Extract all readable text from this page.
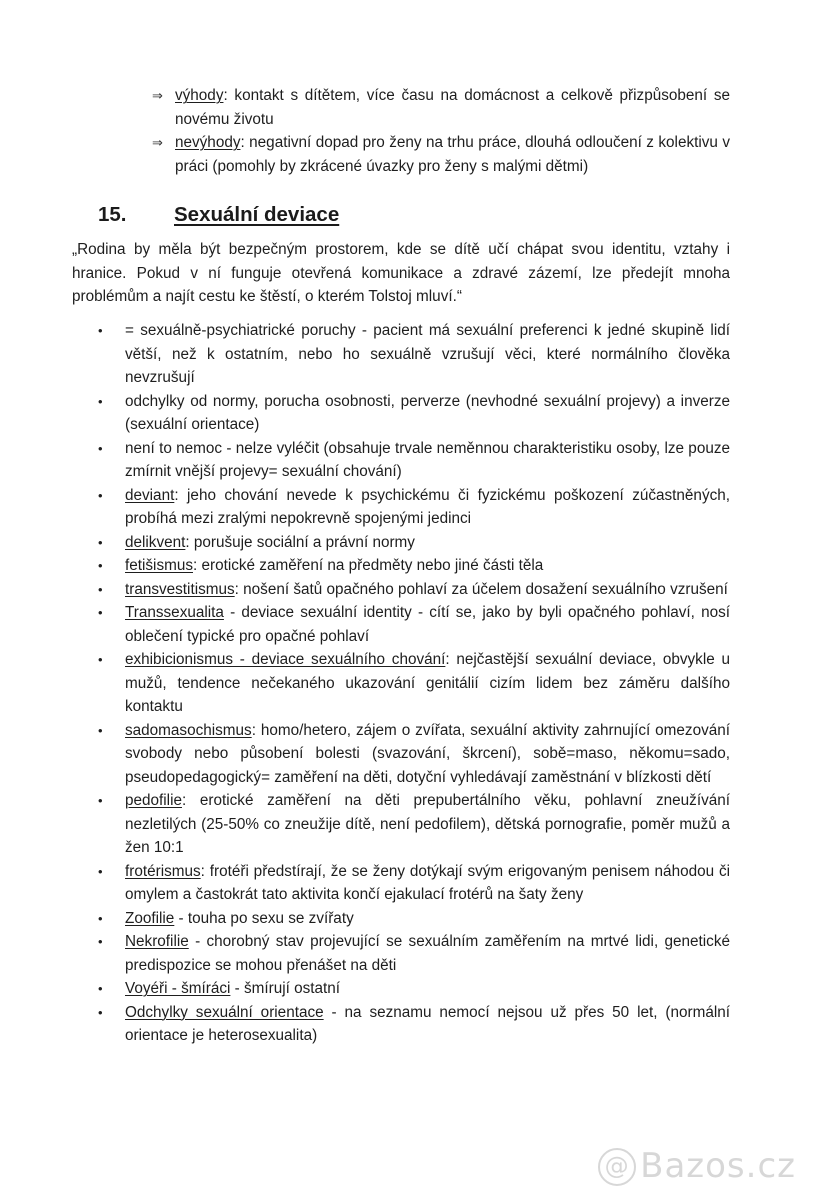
⇒ výhody: kontakt s dítětem, více času na domácnost a celkově přizpůsobení se novému životu
⇒ nevýhody: negativní dopad pro ženy na trhu práce, dlouhá odloučení z kolektivu v práci (pomohly by zkrácené úvazky pro ženy s malými dětmi)
15. Sexuální deviace

„Rodina by měla být bezpečným prostorem, kde se dítě učí chápat svou identitu, vztahy i hranice. Pokud v ní funguje otevřená komunikace a zdravé zázemí, lze předejít mnoha problémům a najít cestu ke štěstí, o kterém Tolstoj mluví.“

• = sexuálně-psychiatrické poruchy - pacient má sexuální preferenci k jedné skupině lidí větší, než k ostatním, nebo ho sexuálně vzrušují věci, které normálního člověka nevzrušují
• odchylky od normy, porucha osobnosti, perverze (nevhodné sexuální projevy) a inverze (sexuální orientace)
• není to nemoc - nelze vyléčit (obsahuje trvale neměnnou charakteristiku osoby, lze pouze zmírnit vnější projevy= sexuální chování)
• deviant: jeho chování nevede k psychickému či fyzickému poškození zúčastněných, probíhá mezi zralými nepokrevně spojenými jedinci
• delikvent: porušuje sociální a právní normy
• fetišismus: erotické zaměření na předměty nebo jiné části těla
• transvestitismus: nošení šatů opačného pohlaví za účelem dosažení sexuálního vzrušení
• Transsexualita - deviace sexuální identity - cítí se, jako by byli opačného pohlaví, nosí oblečení typické pro opačné pohlaví
• exhibicionismus - deviace sexuálního chování: nejčastější sexuální deviace, obvykle u mužů, tendence nečekaného ukazování genitálií cizím lidem bez záměru dalšího kontaktu
• sadomasochismus: homo/hetero, zájem o zvířata, sexuální aktivity zahrnující omezování svobody nebo působení bolesti (svazování, škrcení), sobě=maso, někomu=sado, pseudopedagogický= zaměření na děti, dotyční vyhledávají zaměstnání v blízkosti dětí
• pedofilie: erotické zaměření na děti prepubertálního věku, pohlavní zneužívání nezletilých (25-50% co zneužije dítě, není pedofilem), dětská pornografie, poměr mužů a žen 10:1
• frotérismus: frotéři předstírají, že se ženy dotýkají svým erigovaným penisem náhodou či omylem a častokrát tato aktivita končí ejakulací frotérů na šaty ženy
• Zoofilie - touha po sexu se zvířaty
• Nekrofilie - chorobný stav projevující se sexuálním zaměřením na mrtvé lidi, genetické predispozice se mohou přenášet na děti
• Voyéři - šmíráci - šmírují ostatní
• Odchylky sexuální orientace - na seznamu nemocí nejsou už přes 50 let, (normální orientace je heterosexualita)
@ Bazos.cz
